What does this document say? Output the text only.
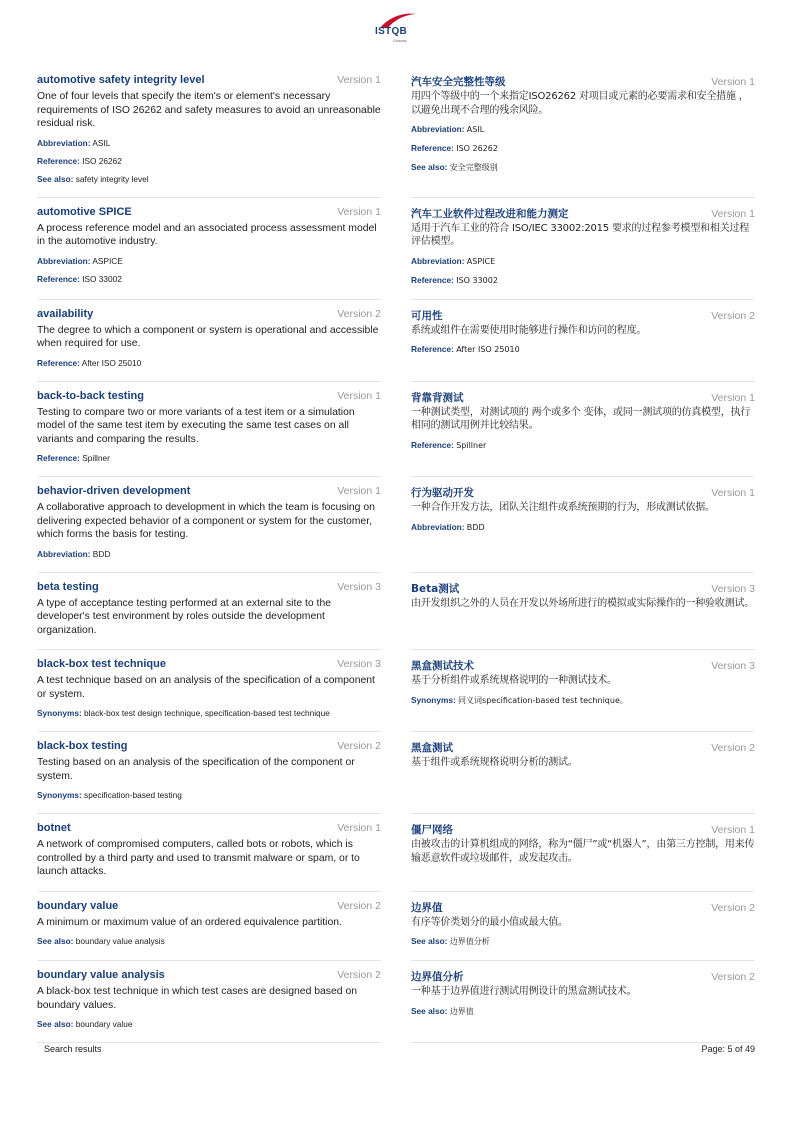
ISTQB
Glossary
automotive safety integrity level	Version 1
One of four levels that specify the item's or element's necessary requirements of ISO 26262 and safety measures to avoid an unreasonable residual risk.
Abbreviation: ASIL
Reference: ISO 26262
See also: safety integrity level
汽车安全完整性等级	Version 1
用四个等级中的一个来指定ISO26262 对项目或元素的必要需求和安全措施 ，以避免出现不合理的残余风险。
Abbreviation: ASIL
Reference: ISO 26262
See also: 安全完整级别
automotive SPICE	Version 1
A process reference model and an associated process assessment model in the automotive industry.
Abbreviation: ASPICE
Reference: ISO 33002
汽车工业软件过程改进和能力测定	Version 1
适用于汽车工业的符合 ISO/IEC 33002:2015 要求的过程参考模型和相关过程评估模型。
Abbreviation: ASPICE
Reference: ISO 33002
availability	Version 2
The degree to which a component or system is operational and accessible when required for use.
Reference: After ISO 25010
可用性	Version 2
系统或组件在需要使用时能够进行操作和访问的程度。
Reference: After ISO 25010
back-to-back testing	Version 1
Testing to compare two or more variants of a test item or a simulation model of the same test item by executing the same test cases on all variants and comparing the results.
Reference: Spillner
背靠背测试	Version 1
一种测试类型，对测试项的 两个或多个 变体，或同一测试项的仿真模型，执行相同的测试用例并比较结果。
Reference: Spillner
behavior-driven development	Version 1
A collaborative approach to development in which the team is focusing on delivering expected behavior of a component or system for the customer, which forms the basis for testing.
Abbreviation: BDD
行为驱动开发	Version 1
一种合作开发方法，团队关注组件或系统预期的行为，形成测试依据。
Abbreviation: BDD
beta testing	Version 3
A type of acceptance testing performed at an external site to the developer's test environment by roles outside the development organization.
Beta测试	Version 3
由开发组织之外的人员在开发以外场所进行的模拟或实际操作的一种验收测试。
black-box test technique	Version 3
A test technique based on an analysis of the specification of a component or system.
Synonyms: black-box test design technique, specification-based test technique
黑盒测试技术	Version 3
基于分析组件或系统规格说明的一种测试技术。
Synonyms: 同义词specification-based test technique。
black-box testing	Version 2
Testing based on an analysis of the specification of the component or system.
Synonyms: specification-based testing
黑盒测试	Version 2
基于组件或系统规格说明分析的测试。
botnet	Version 1
A network of compromised computers, called bots or robots, which is controlled by a third party and used to transmit malware or spam, or to launch attacks.
僵尸网络	Version 1
由被攻击的计算机组成的网络，称为“僵尸”或“机器人”，由第三方控制，用来传输恶意软件或垃圾邮件，或发起攻击。
boundary value	Version 2
A minimum or maximum value of an ordered equivalence partition.
See also: boundary value analysis
边界值	Version 2
有序等价类划分的最小值或最大值。
See also: 边界值分析
boundary value analysis	Version 2
A black-box test technique in which test cases are designed based on boundary values.
See also: boundary value
边界值分析	Version 2
一种基于边界值进行测试用例设计的黑盒测试技术。
See also: 边界值
Search results	Page: 5 of 49
